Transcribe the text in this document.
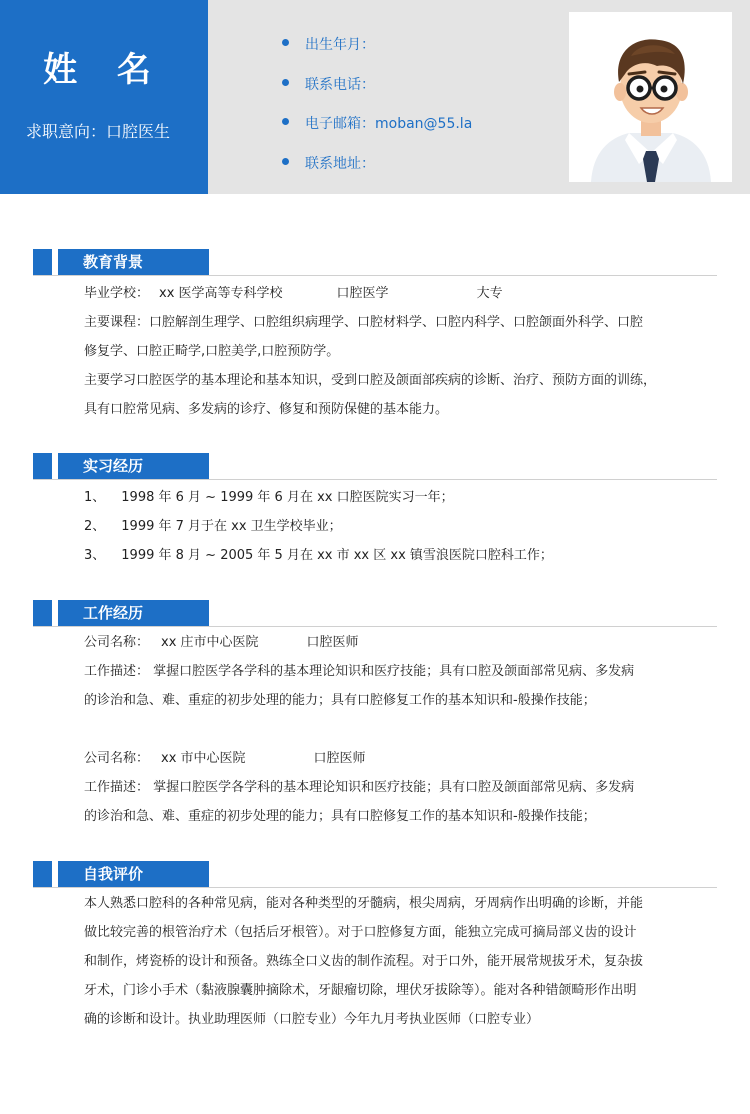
姓 名
求职意向：口腔医生
出生年月：
联系电话：
电子邮箱：moban@55.la
联系地址：
教育背景
毕业学校： xx 医学高等专科学校	口腔医学	大专
主要课程：口腔解剖生理学、口腔组织病理学、口腔材料学、口腔内科学、口腔颌面外科学、口腔
修复学、口腔正畸学,口腔美学,口腔预防学。
主要学习口腔医学的基本理论和基本知识，受到口腔及颌面部疾病的诊断、治疗、预防方面的训练，
具有口腔常见病、多发病的诊疗、修复和预防保健的基本能力。
实习经历
1、 1998 年 6 月 ~ 1999 年 6 月在 xx 口腔医院实习一年；
2、 1999 年 7 月于在 xx 卫生学校毕业；
3、 1999 年 8 月 ~ 2005 年 5 月在 xx 市 xx 区 xx 镇雪浪医院口腔科工作；
工作经历
公司名称： xx 庄市中心医院	口腔医师
工作描述： 掌握口腔医学各学科的基本理论知识和医疗技能；具有口腔及颌面部常见病、多发病
的诊治和急、难、重症的初步处理的能力；具有口腔修复工作的基本知识和-般操作技能；
公司名称： xx 市中心医院	口腔医师
工作描述： 掌握口腔医学各学科的基本理论知识和医疗技能；具有口腔及颌面部常见病、多发病
的诊治和急、难、重症的初步处理的能力；具有口腔修复工作的基本知识和-般操作技能；
自我评价
本人熟悉口腔科的各种常见病，能对各种类型的牙髓病，根尖周病，牙周病作出明确的诊断，并能
做比较完善的根管治疗术（包括后牙根管）。对于口腔修复方面，能独立完成可摘局部义齿的设计
和制作，烤瓷桥的设计和预备。熟练全口义齿的制作流程。对于口外，能开展常规拔牙术，复杂拔
牙术，门诊小手术（黏液腺囊肿摘除术，牙龈瘤切除，埋伏牙拔除等）。能对各种错颌畸形作出明
确的诊断和设计。执业助理医师（口腔专业）今年九月考执业医师（口腔专业）
